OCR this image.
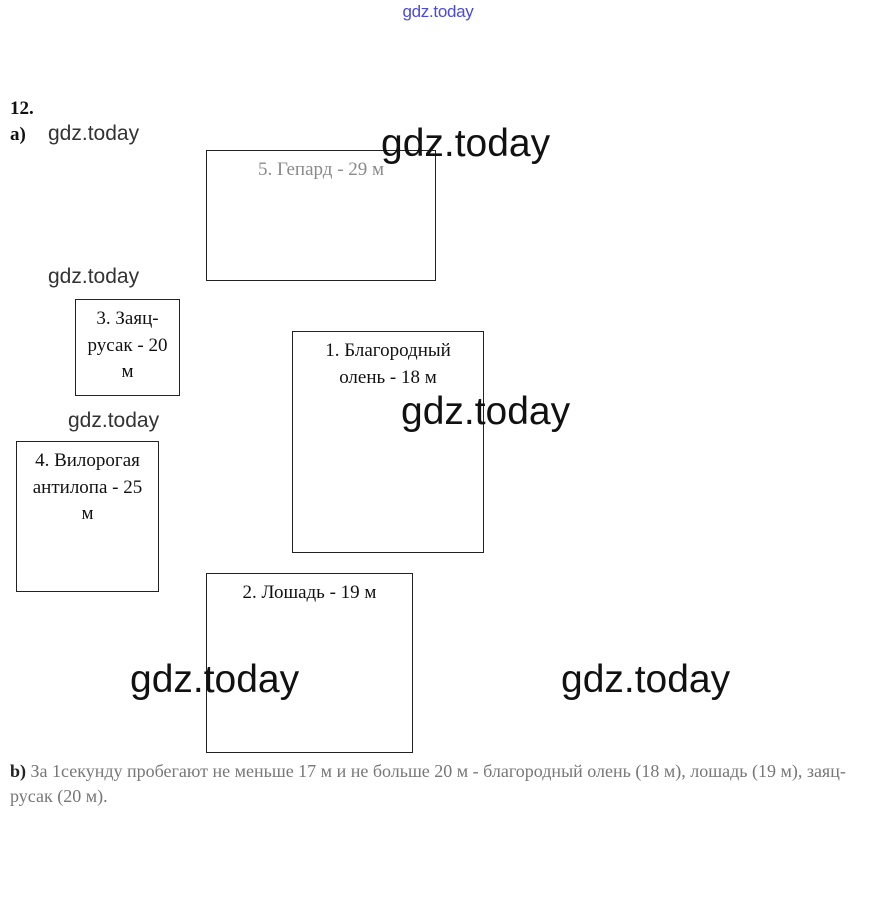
gdz.today
12.
a)
5. Гепард - 29 м
3. Заяц-русак - 20 м
1. Благородный олень - 18 м
4. Вилорогая антилопа - 25 м
2. Лошадь - 19 м
gdz.today
gdz.today
gdz.today
gdz.today
gdz.today
gdz.today	gdz.today
b) За 1секунду пробегают не меньше 17 м и не больше 20 м - благородный олень (18 м), лошадь (19 м), заяц-русак (20 м).
